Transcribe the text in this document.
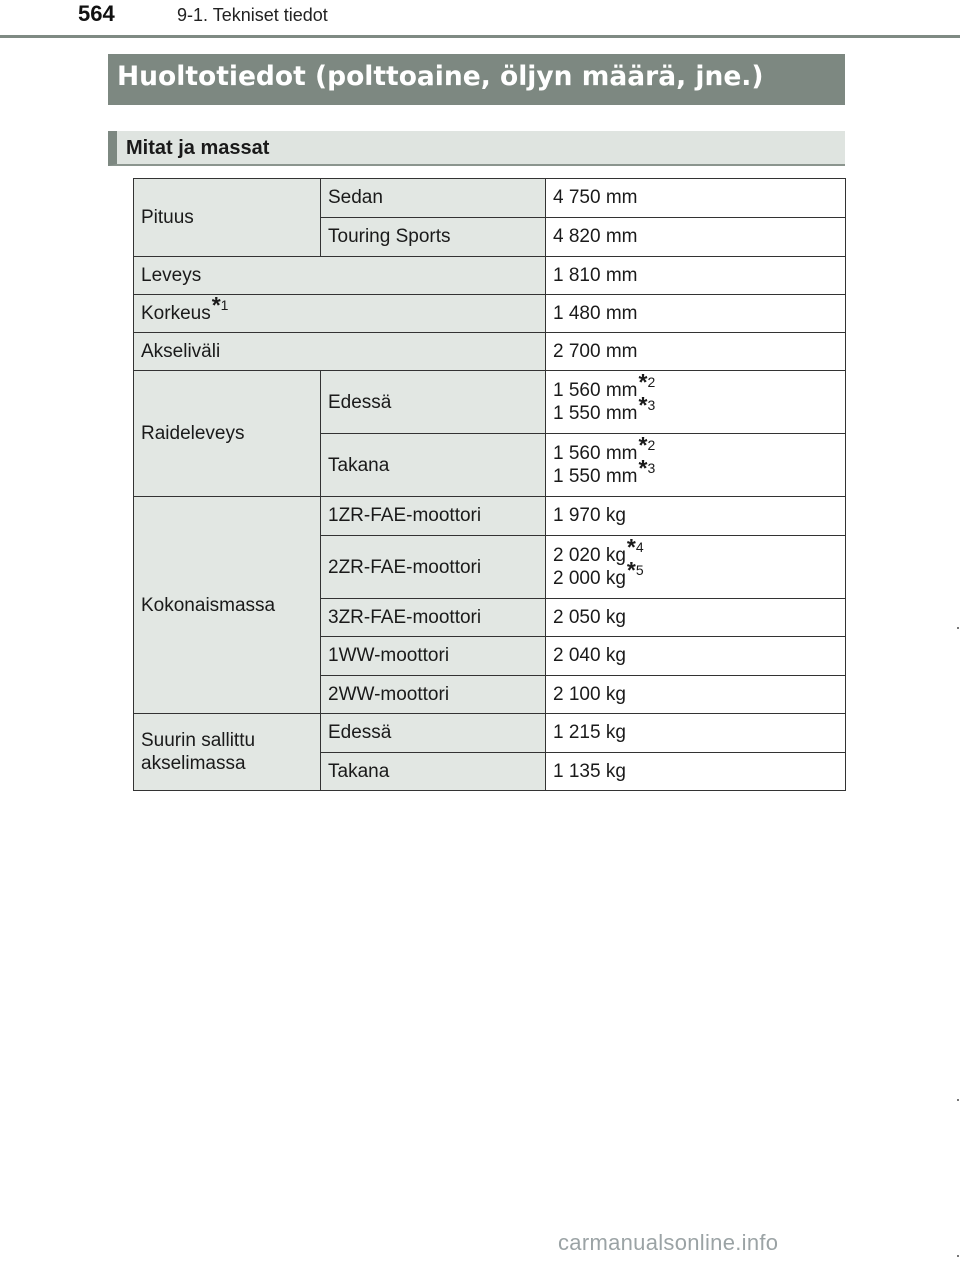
564	9-1. Tekniset tiedot
Huoltotiedot (polttoaine, öljyn määrä, jne.)
Mitat ja massat
Pituus	Sedan	4 750 mm
	Touring Sports	4 820 mm
Leveys		1 810 mm
Korkeus*$^1$		1 480 mm
Akseliväli		2 700 mm
Raideleveys	Edessä	1 560 mm*$^2$
1 550 mm*$^3$

	Takana	1 560 mm*$^2$
1 550 mm*$^3$

Kokonaismassa	1ZR-FAE-moottori	1 970 kg
	2ZR-FAE-moottori	2 020 kg*$^4$
2 000 kg*$^5$

	3ZR-FAE-moottori	2 050 kg
	1WW-moottori	2 040 kg
	2WW-moottori	2 100 kg

Suurin sallittu
akselimassa	Edessä	1 215 kg
	Takana	1 135 kg
carmanualsonline.info
